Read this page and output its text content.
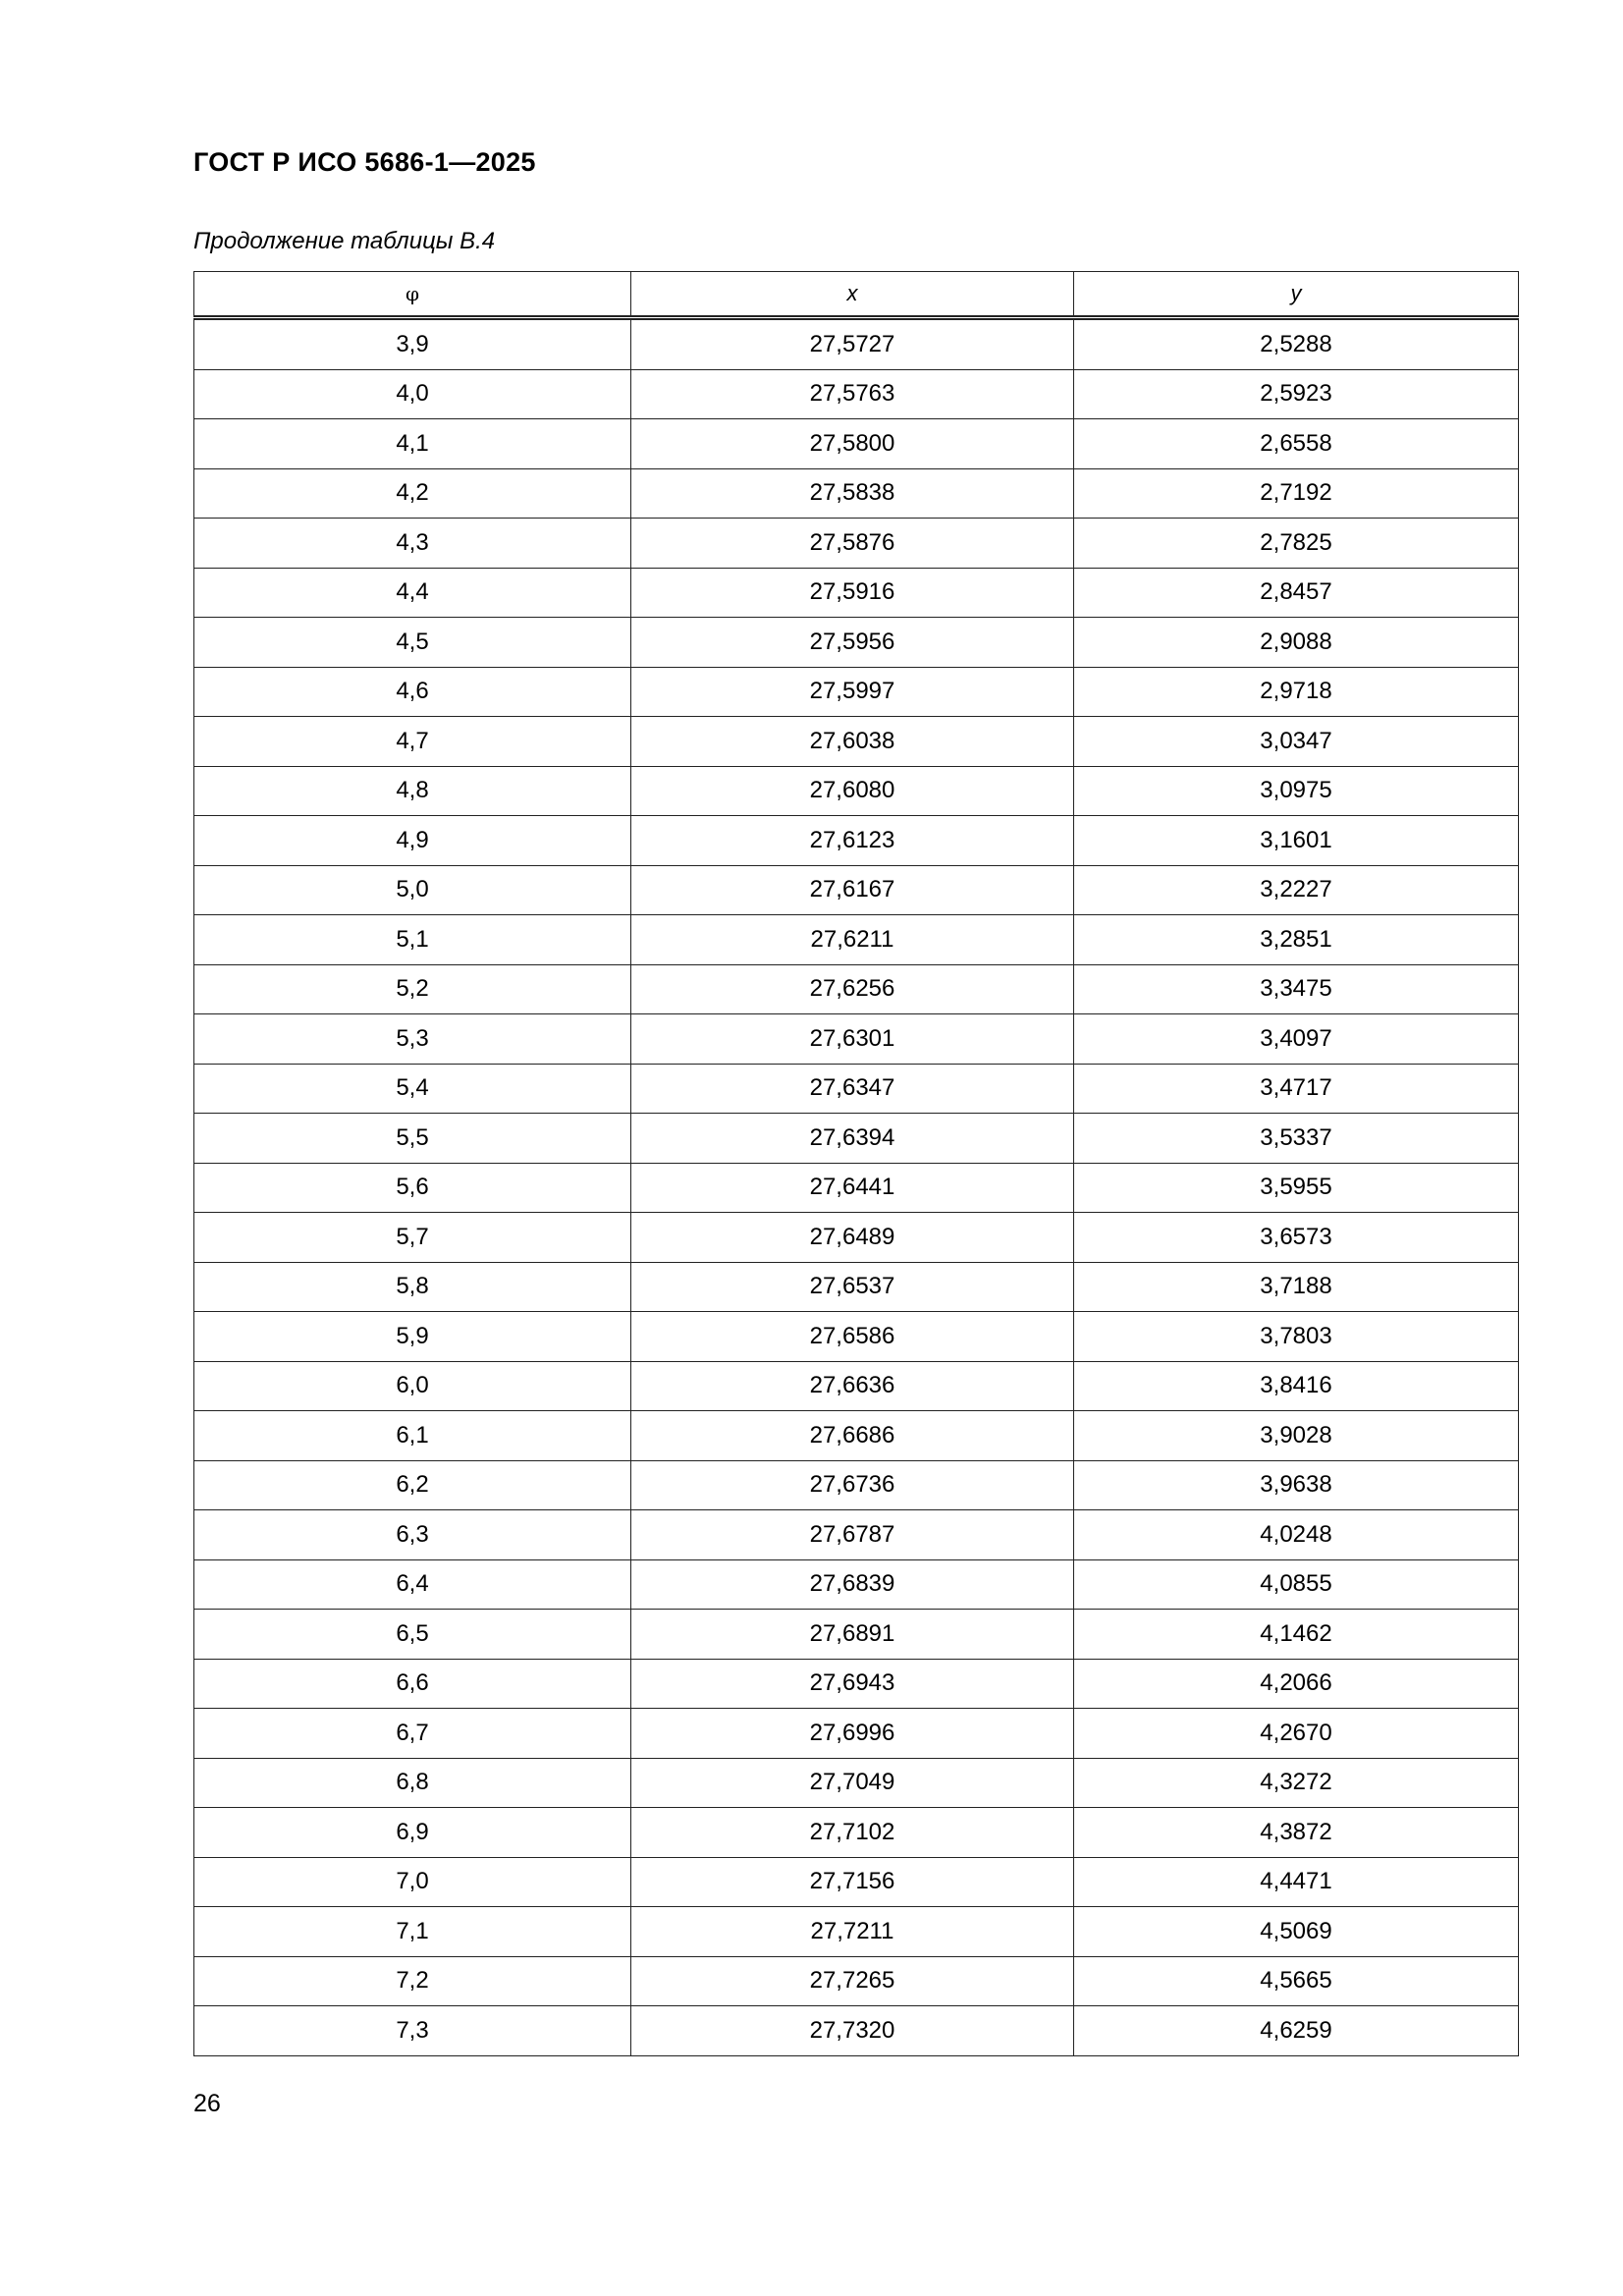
ГОСТ Р ИСО 5686-1—2025
Продолжение таблицы B.4
φ	x	y
3,9	27,5727	2,5288
4,0	27,5763	2,5923
4,1	27,5800	2,6558
4,2	27,5838	2,7192
4,3	27,5876	2,7825
4,4	27,5916	2,8457
4,5	27,5956	2,9088
4,6	27,5997	2,9718
4,7	27,6038	3,0347
4,8	27,6080	3,0975
4,9	27,6123	3,1601
5,0	27,6167	3,2227
5,1	27,6211	3,2851
5,2	27,6256	3,3475
5,3	27,6301	3,4097
5,4	27,6347	3,4717
5,5	27,6394	3,5337
5,6	27,6441	3,5955
5,7	27,6489	3,6573
5,8	27,6537	3,7188
5,9	27,6586	3,7803
6,0	27,6636	3,8416
6,1	27,6686	3,9028
6,2	27,6736	3,9638
6,3	27,6787	4,0248
6,4	27,6839	4,0855
6,5	27,6891	4,1462
6,6	27,6943	4,2066
6,7	27,6996	4,2670
6,8	27,7049	4,3272
6,9	27,7102	4,3872
7,0	27,7156	4,4471
7,1	27,7211	4,5069
7,2	27,7265	4,5665
7,3	27,7320	4,6259
26
